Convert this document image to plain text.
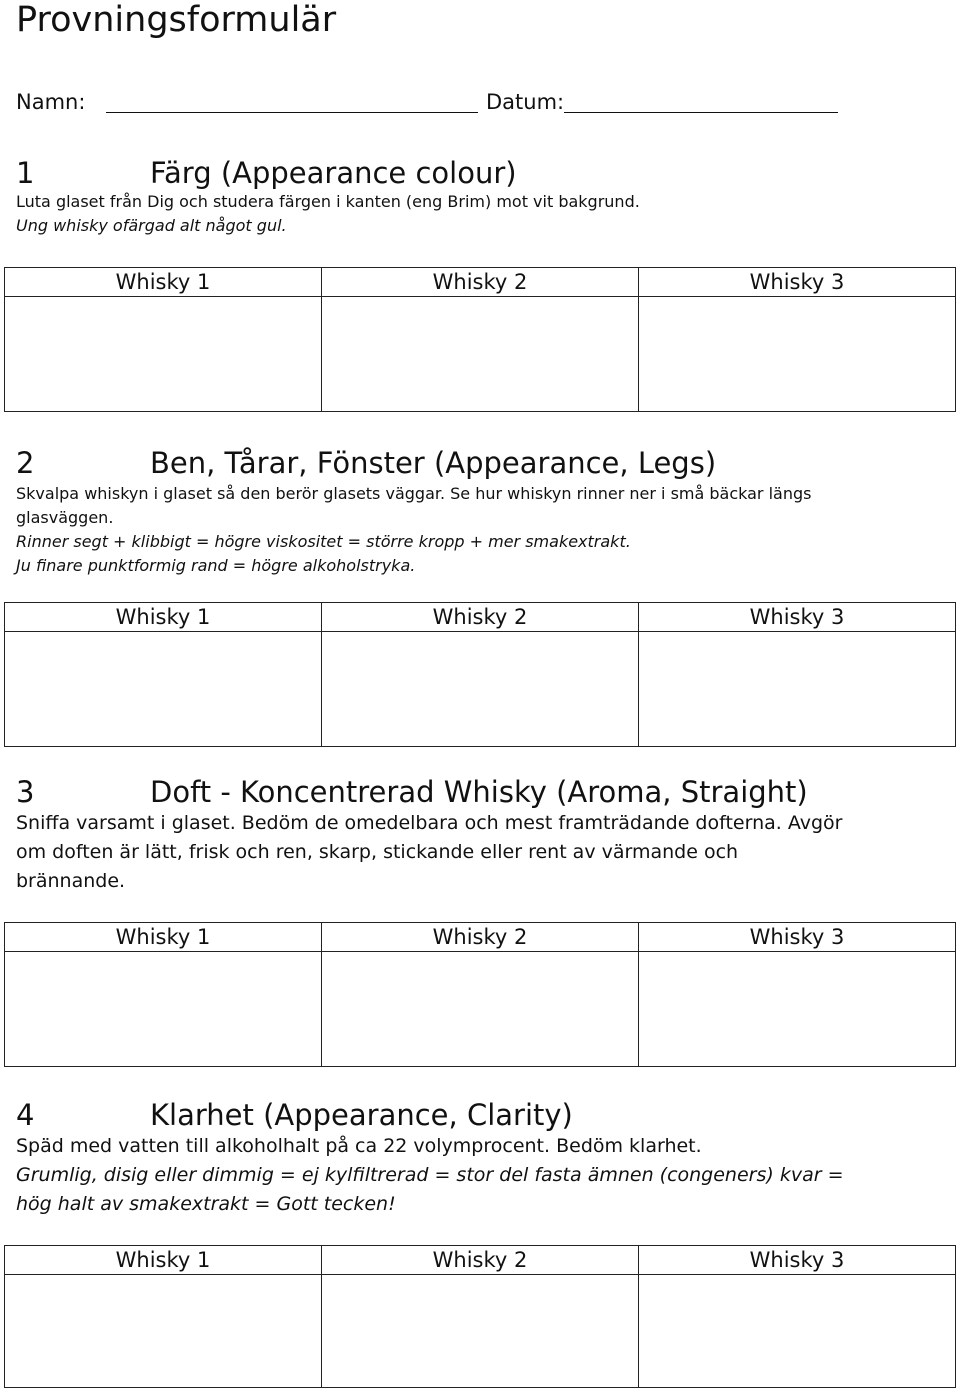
Provningsformulär
Namn:	Datum:
1	Färg (Appearance colour)
Luta glaset från Dig och studera färgen i kanten (eng Brim) mot vit bakgrund.
Ung whisky ofärgad alt något gul.
Whisky 1	Whisky 2	Whisky 3

2	Ben, Tårar, Fönster (Appearance, Legs)
Skvalpa whiskyn i glaset så den berör glasets väggar. Se hur whiskyn rinner ner i små bäckar längs
glasväggen.
Rinner segt + klibbigt = högre viskositet = större kropp + mer smakextrakt.
Ju finare punktformig rand = högre alkoholstryka.
Whisky 1	Whisky 2	Whisky 3

3	Doft - Koncentrerad Whisky (Aroma, Straight)
Sniffa varsamt i glaset. Bedöm de omedelbara och mest framträdande dofterna. Avgör
om doften är lätt, frisk och ren, skarp, stickande eller rent av värmande och
brännande.
Whisky 1	Whisky 2	Whisky 3

4	Klarhet (Appearance, Clarity)
Späd med vatten till alkoholhalt på ca 22 volymprocent. Bedöm klarhet.
Grumlig, disig eller dimmig = ej kylfiltrerad = stor del fasta ämnen (congeners) kvar =
hög halt av smakextrakt = Gott tecken!
Whisky 1	Whisky 2	Whisky 3
